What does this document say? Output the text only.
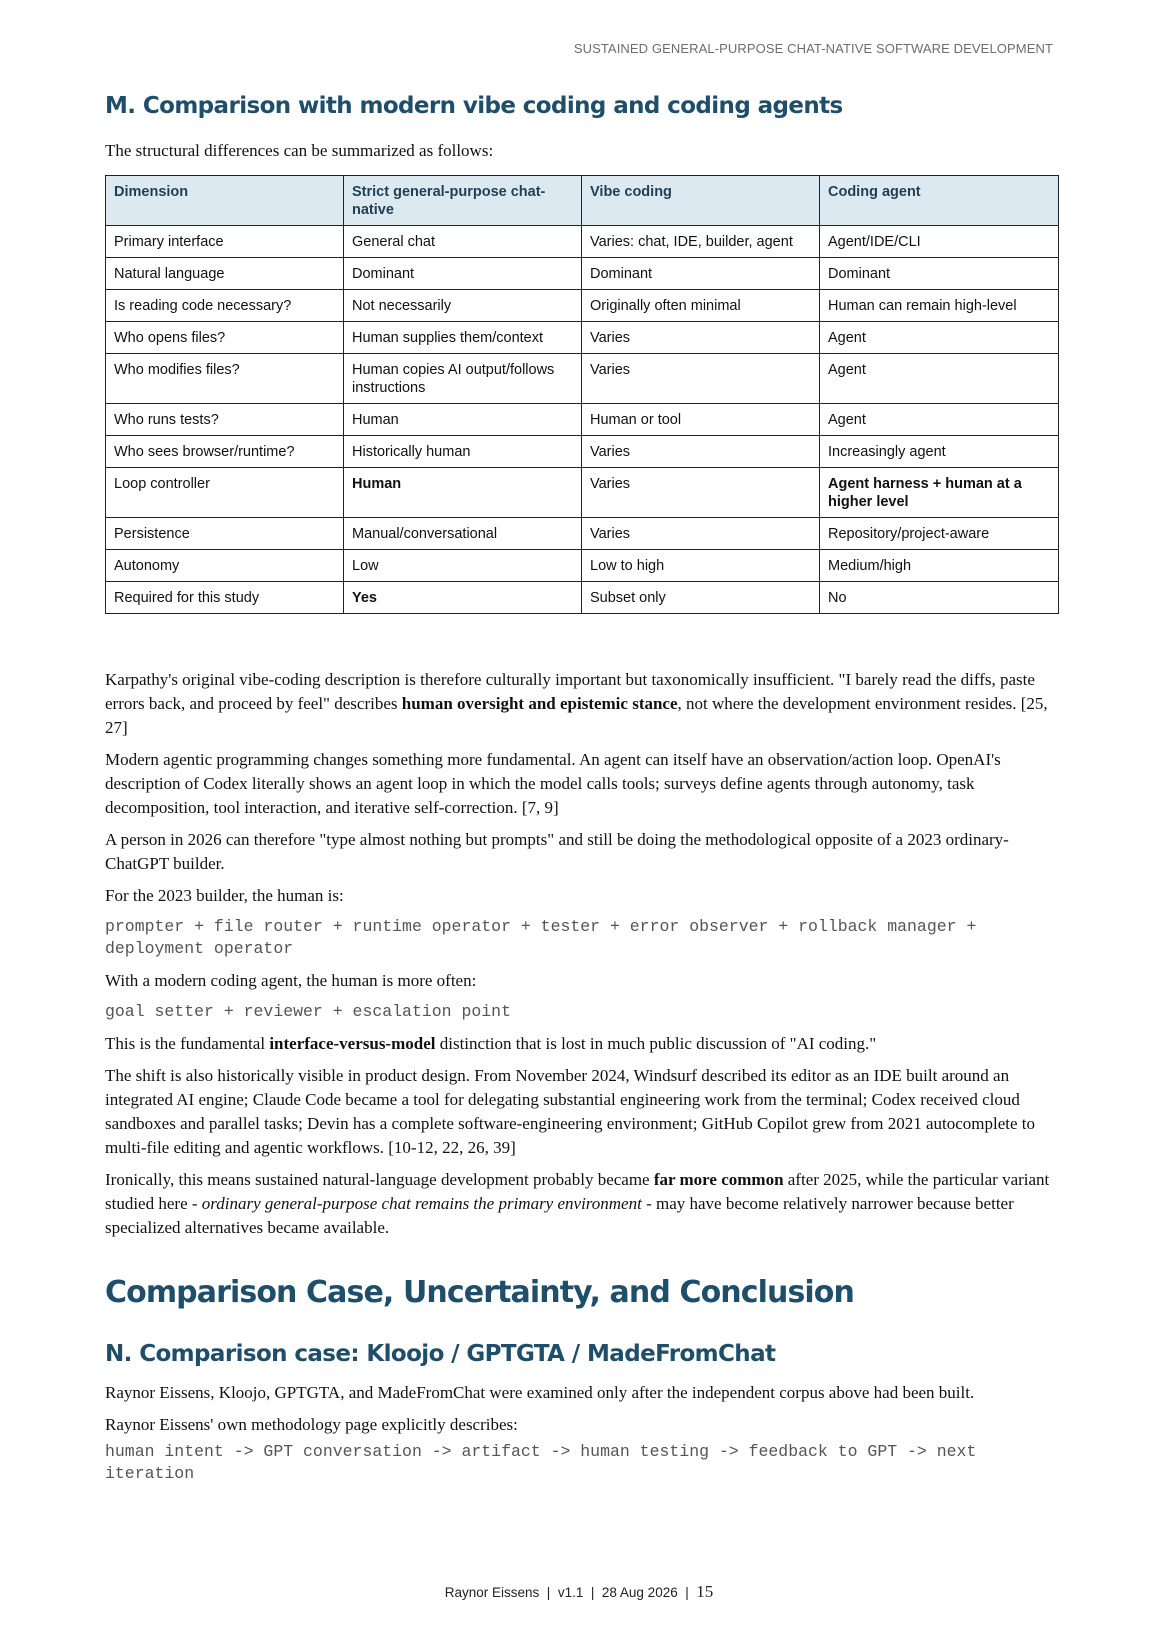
SUSTAINED GENERAL-PURPOSE CHAT-NATIVE SOFTWARE DEVELOPMENT
M. Comparison with modern vibe coding and coding agents

The structural differences can be summarized as follows:

Dimension	Strict general-purpose chat-native	Vibe coding	Coding agent
Primary interface	General chat	Varies: chat, IDE, builder, agent	Agent/IDE/CLI
Natural language	Dominant	Dominant	Dominant
Is reading code necessary?	Not necessarily	Originally often minimal	Human can remain high-level
Who opens files?	Human supplies them/context	Varies	Agent
Who modifies files?	Human copies AI output/follows instructions	Varies	Agent
Who runs tests?	Human	Human or tool	Agent
Who sees browser/runtime?	Historically human	Varies	Increasingly agent
Loop controller	Human	Varies	Agent harness + human at a higher level
Persistence	Manual/conversational	Varies	Repository/project-aware
Autonomy	Low	Low to high	Medium/high
Required for this study	Yes	Subset only	No

Karpathy's original vibe-coding description is therefore culturally important but taxonomically insufficient. "I barely read the diffs, paste errors back, and proceed by feel" describes human oversight and epistemic stance, not where the development environment resides. [25, 27]

Modern agentic programming changes something more fundamental. An agent can itself have an observation/action loop. OpenAI's description of Codex literally shows an agent loop in which the model calls tools; surveys define agents through autonomy, task decomposition, tool interaction, and iterative self-correction. [7, 9]

A person in 2026 can therefore "type almost nothing but prompts" and still be doing the methodological opposite of a 2023 ordinary-ChatGPT builder.

For the 2023 builder, the human is:

prompter + file router + runtime operator + tester + error observer + rollback manager + deployment operator

With a modern coding agent, the human is more often:

goal setter + reviewer + escalation point

This is the fundamental interface-versus-model distinction that is lost in much public discussion of "AI coding."

The shift is also historically visible in product design. From November 2024, Windsurf described its editor as an IDE built around an integrated AI engine; Claude Code became a tool for delegating substantial engineering work from the terminal; Codex received cloud sandboxes and parallel tasks; Devin has a complete software-engineering environment; GitHub Copilot grew from 2021 autocomplete to multi-file editing and agentic workflows. [10-12, 22, 26, 39]

Ironically, this means sustained natural-language development probably became far more common after 2025, while the particular variant studied here - ordinary general-purpose chat remains the primary environment - may have become relatively narrower because better specialized alternatives became available.

Comparison Case, Uncertainty, and Conclusion
N. Comparison case: Kloojo / GPTGTA / MadeFromChat

Raynor Eissens, Kloojo, GPTGTA, and MadeFromChat were examined only after the independent corpus above had been built.

Raynor Eissens' own methodology page explicitly describes:

human intent -> GPT conversation -> artifact -> human testing -> feedback to GPT -> next iteration
Raynor Eissens | v1.1 | 28 Aug 2026 | 15
